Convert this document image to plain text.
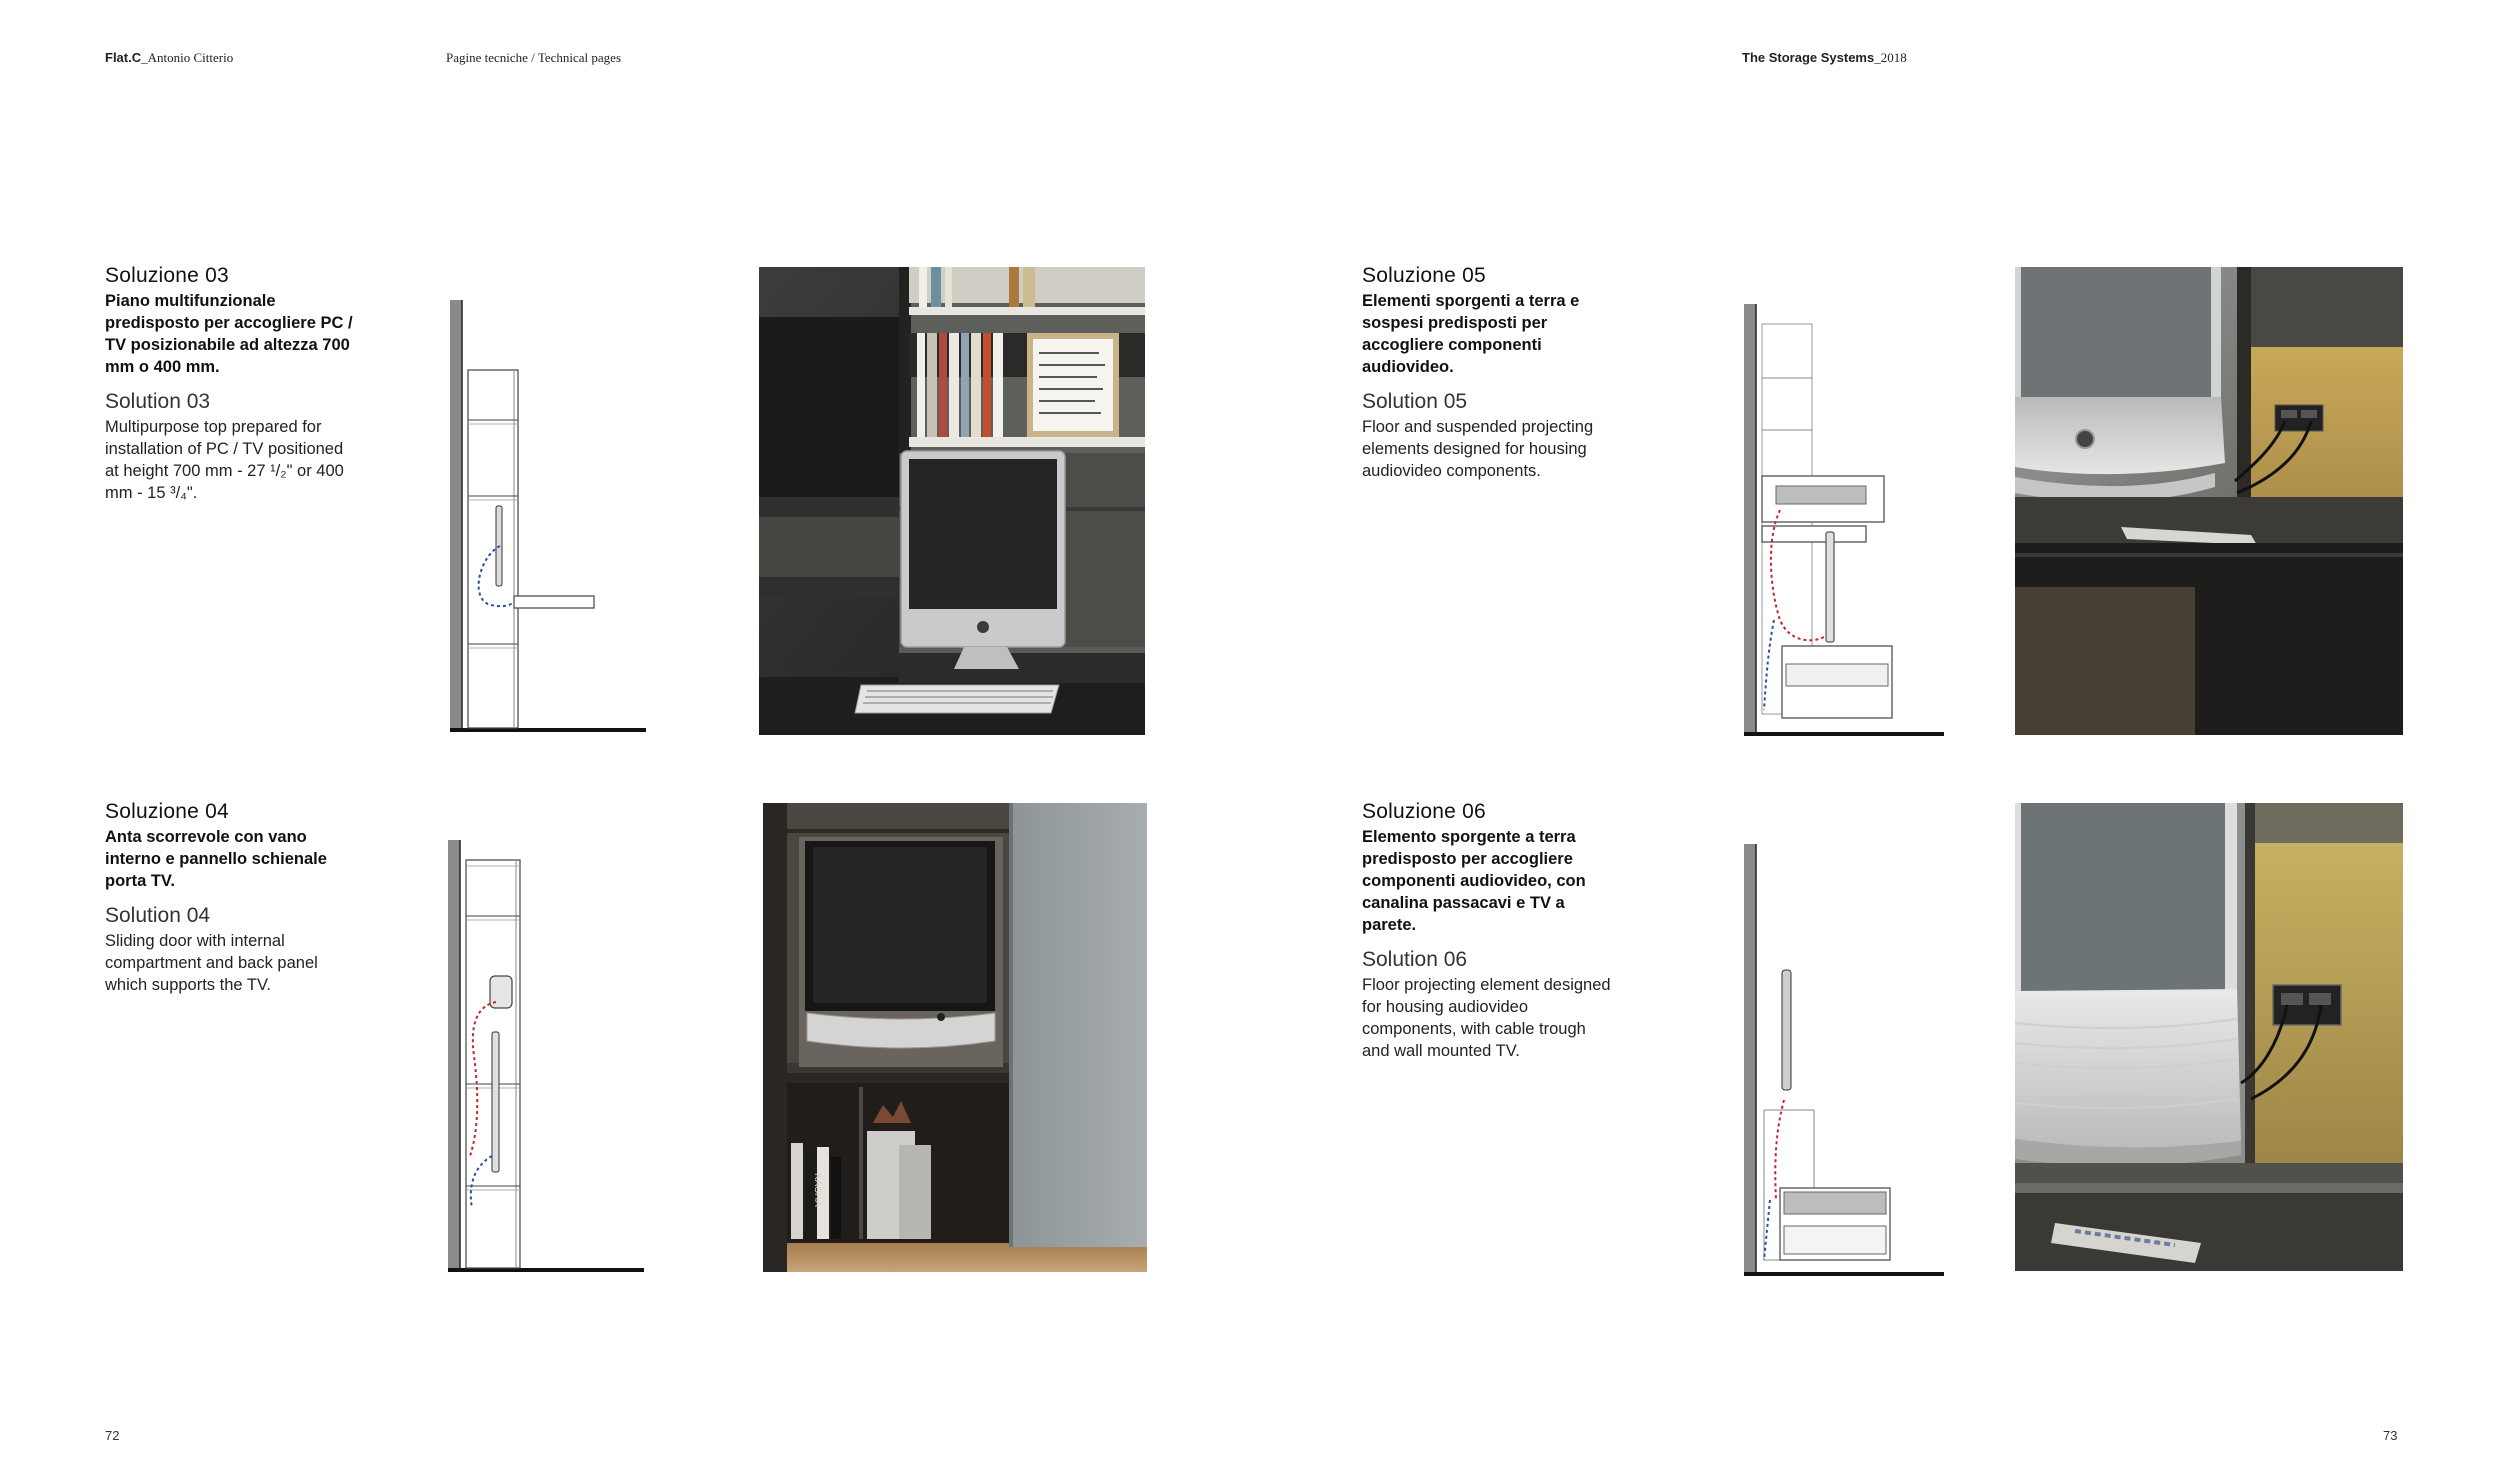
Flat.C_Antonio Citterio	Pagine tecniche / Technical pages	The Storage Systems_2018
Soluzione 03
Piano multifunzionale predisposto per accogliere PC / TV posizionabile ad altezza 700 mm o 400 mm.
Solution 03
Multipurpose top prepared for installation of PC / TV positioned at height 700 mm - 27 ¹/₂" or 400 mm - 15 ³/₄".
Soluzione 04
Anta scorrevole con vano interno e pannello schienale porta TV.
Solution 04
Sliding door with internal compartment and back panel which supports the TV.
Soluzione 05
Elementi sporgenti a terra e sospesi predisposti per accogliere componenti audiovideo.
Solution 05
Floor and suspended projecting elements designed for housing audiovideo components.
Soluzione 06
Elemento sporgente a terra predisposto per accogliere componenti audiovideo, con canalina passacavi e TV a parete.
Solution 06
Floor projecting element designed for housing audiovideo components, with cable trough and wall mounted TV.
KASHA
72	73
